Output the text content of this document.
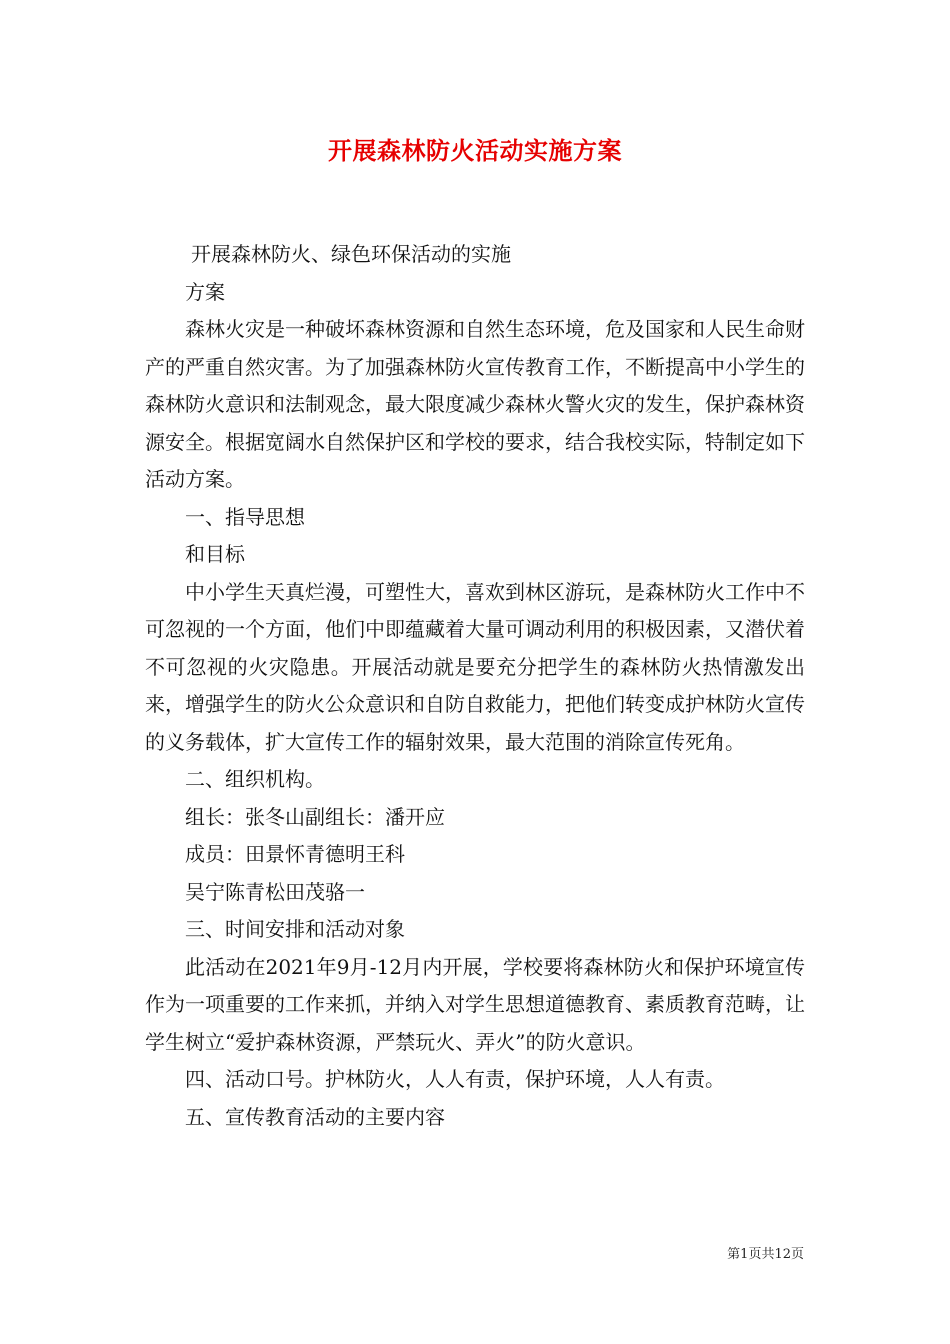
开展森林防火活动实施方案

开展森林防火、绿色环保活动的实施

方案

森林火灾是一种破坏森林资源和自然生态环境，危及国家和人民生命财产的严重自然灾害。为了加强森林防火宣传教育工作，不断提高中小学生的森林防火意识和法制观念，最大限度减少森林火警火灾的发生，保护森林资源安全。根据宽阔水自然保护区和学校的要求，结合我校实际，特制定如下活动方案。

一、指导思想

和目标

中小学生天真烂漫，可塑性大，喜欢到林区游玩，是森林防火工作中不可忽视的一个方面，他们中即蕴藏着大量可调动利用的积极因素，又潜伏着不可忽视的火灾隐患。开展活动就是要充分把学生的森林防火热情激发出来，增强学生的防火公众意识和自防自救能力，把他们转变成护林防火宣传的义务载体，扩大宣传工作的辐射效果，最大范围的消除宣传死角。

二、组织机构。

组长：张冬山副组长：潘开应

成员：田景怀青德明王科

吴宁陈青松田茂骆一

三、时间安排和活动对象

此活动在2021年9月-12月内开展，学校要将森林防火和保护环境宣传作为一项重要的工作来抓，并纳入对学生思想道德教育、素质教育范畴，让学生树立“爱护森林资源，严禁玩火、弄火”的防火意识。

四、活动口号。护林防火，人人有责，保护环境，人人有责。

五、宣传教育活动的主要内容

第1页共12页
